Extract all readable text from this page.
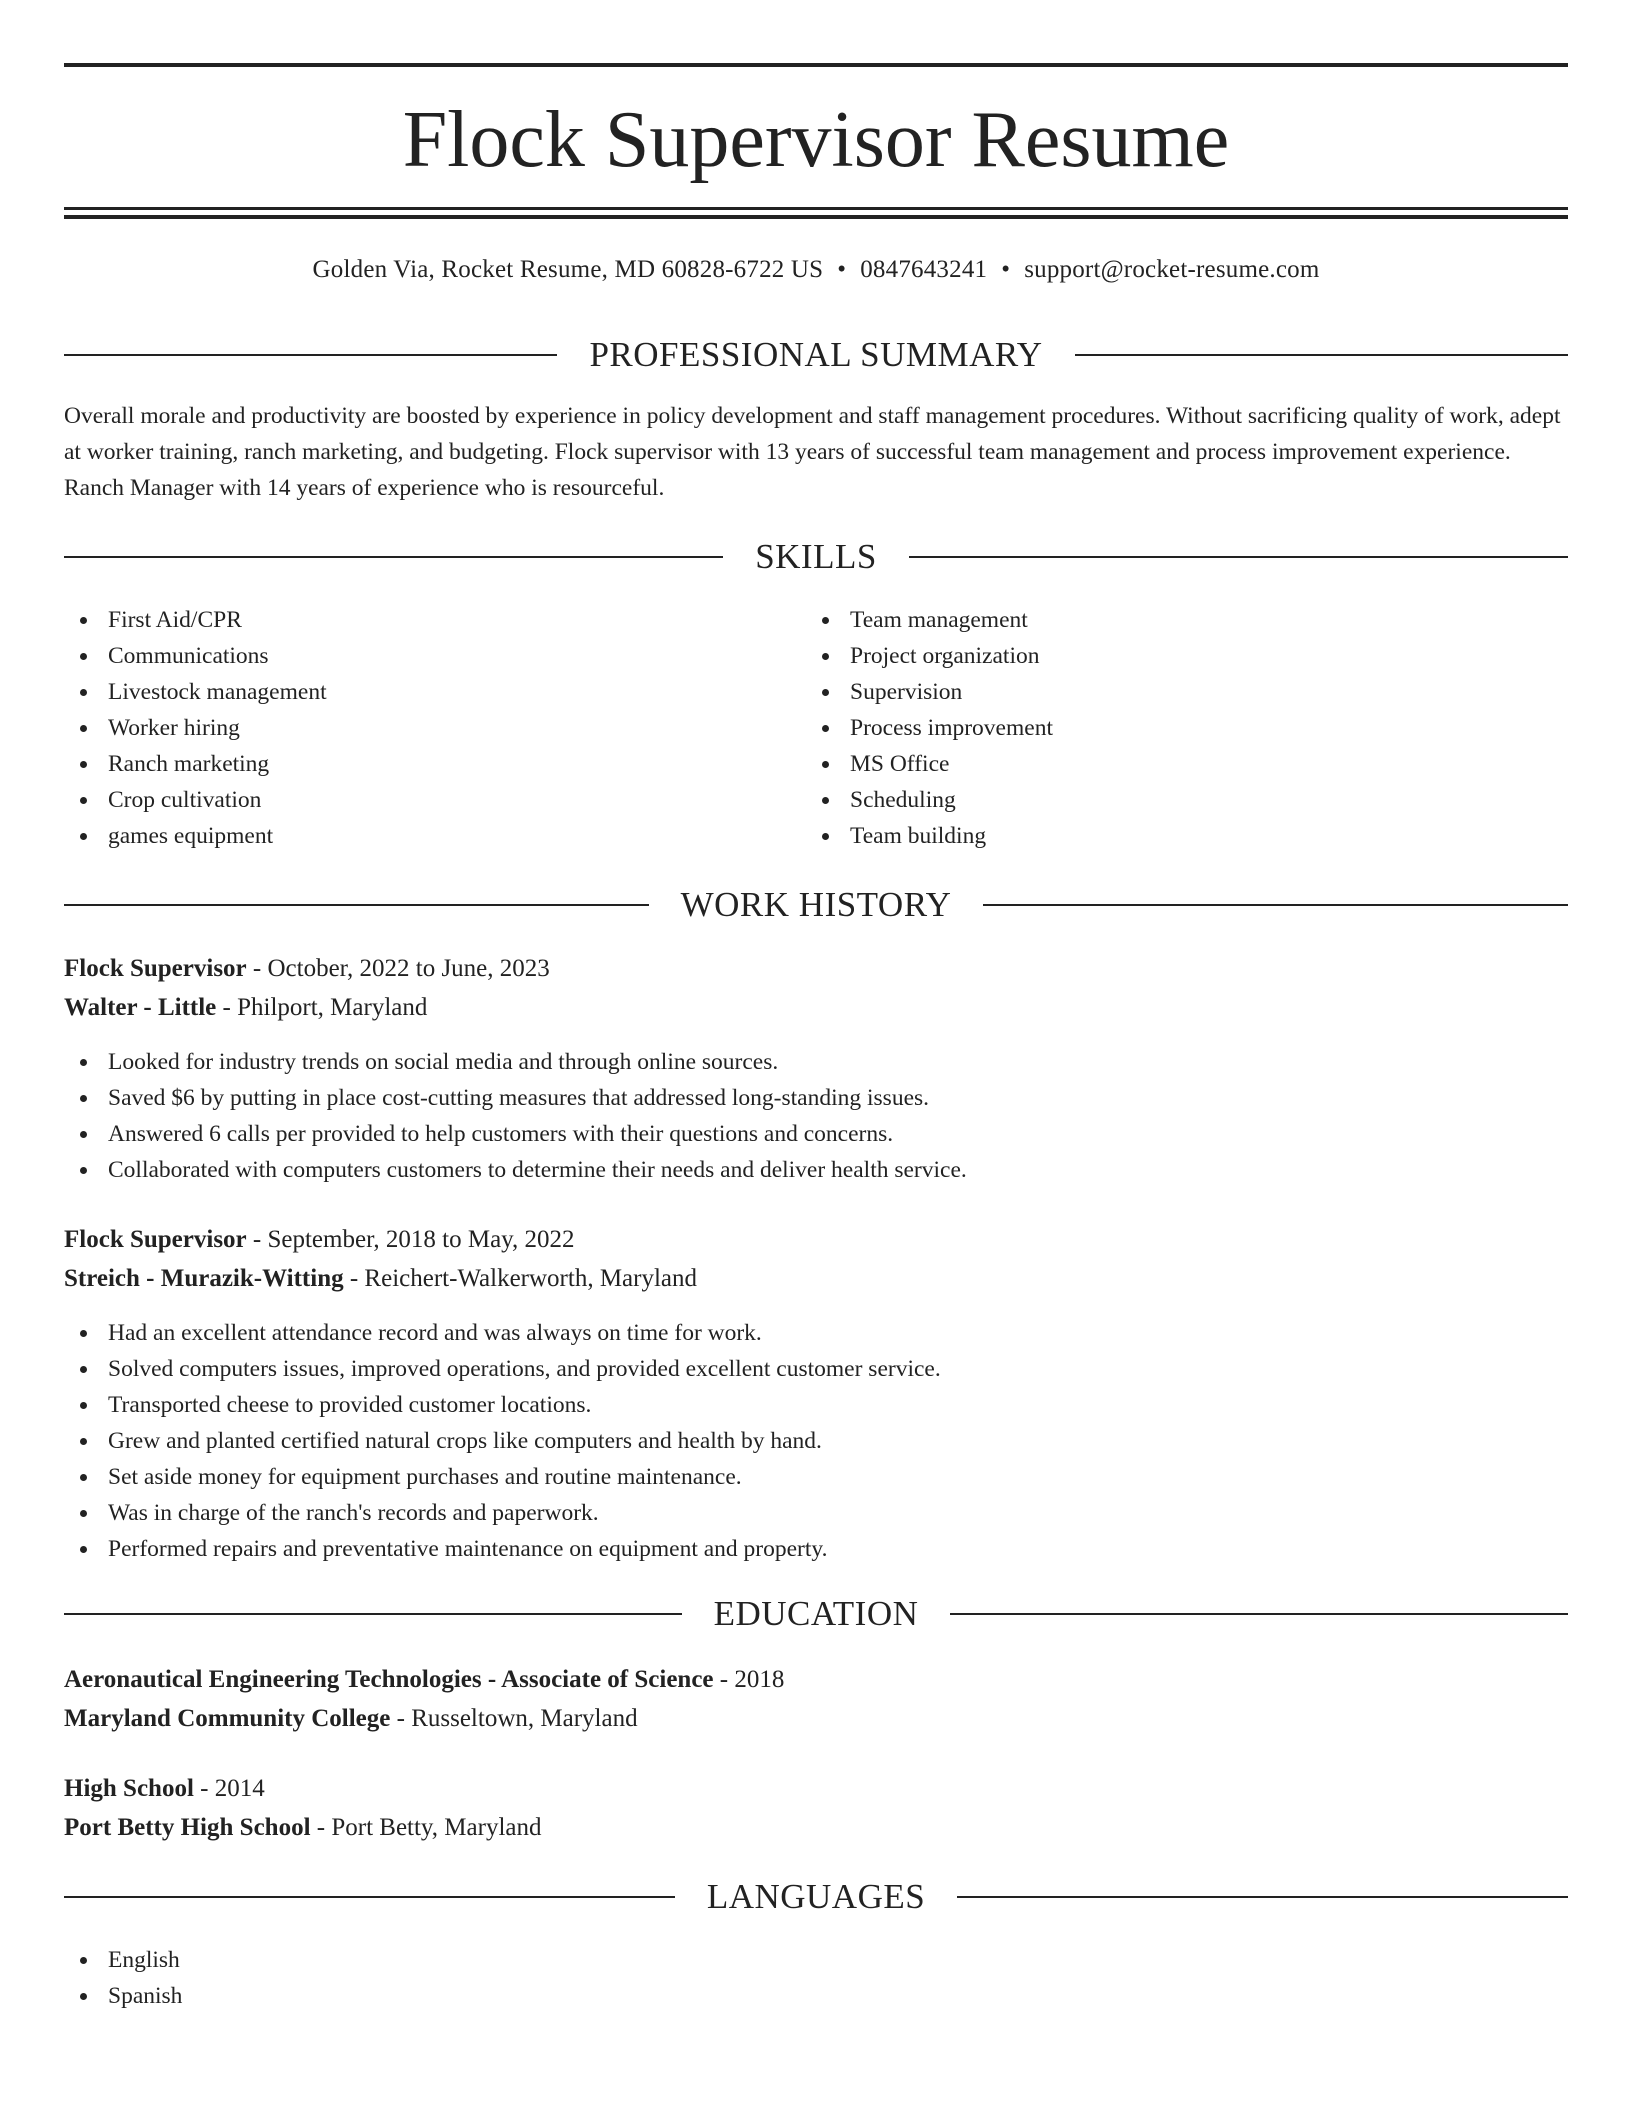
Flock Supervisor Resume
Golden Via, Rocket Resume, MD 60828-6722 US • 0847643241 • support@rocket-resume.com
PROFESSIONAL SUMMARY

Overall morale and productivity are boosted by experience in policy development and staff management procedures. Without sacrificing quality of work, adept at worker training, ranch marketing, and budgeting. Flock supervisor with 13 years of successful team management and process improvement experience. Ranch Manager with 14 years of experience who is resourceful.

SKILLS
First Aid/CPR
Communications
Livestock management
Worker hiring
Ranch marketing
Crop cultivation
games equipment
Team management
Project organization
Supervision
Process improvement
MS Office
Scheduling
Team building
WORK HISTORY
Flock Supervisor - October, 2022 to June, 2023
Walter - Little - Philport, Maryland
Looked for industry trends on social media and through online sources.
Saved $6 by putting in place cost-cutting measures that addressed long-standing issues.
Answered 6 calls per provided to help customers with their questions and concerns.
Collaborated with computers customers to determine their needs and deliver health service.
Flock Supervisor - September, 2018 to May, 2022
Streich - Murazik-Witting - Reichert-Walkerworth, Maryland
Had an excellent attendance record and was always on time for work.
Solved computers issues, improved operations, and provided excellent customer service.
Transported cheese to provided customer locations.
Grew and planted certified natural crops like computers and health by hand.
Set aside money for equipment purchases and routine maintenance.
Was in charge of the ranch's records and paperwork.
Performed repairs and preventative maintenance on equipment and property.
EDUCATION
Aeronautical Engineering Technologies - Associate of Science - 2018
Maryland Community College - Russeltown, Maryland
High School - 2014
Port Betty High School - Port Betty, Maryland
LANGUAGES
English
Spanish
